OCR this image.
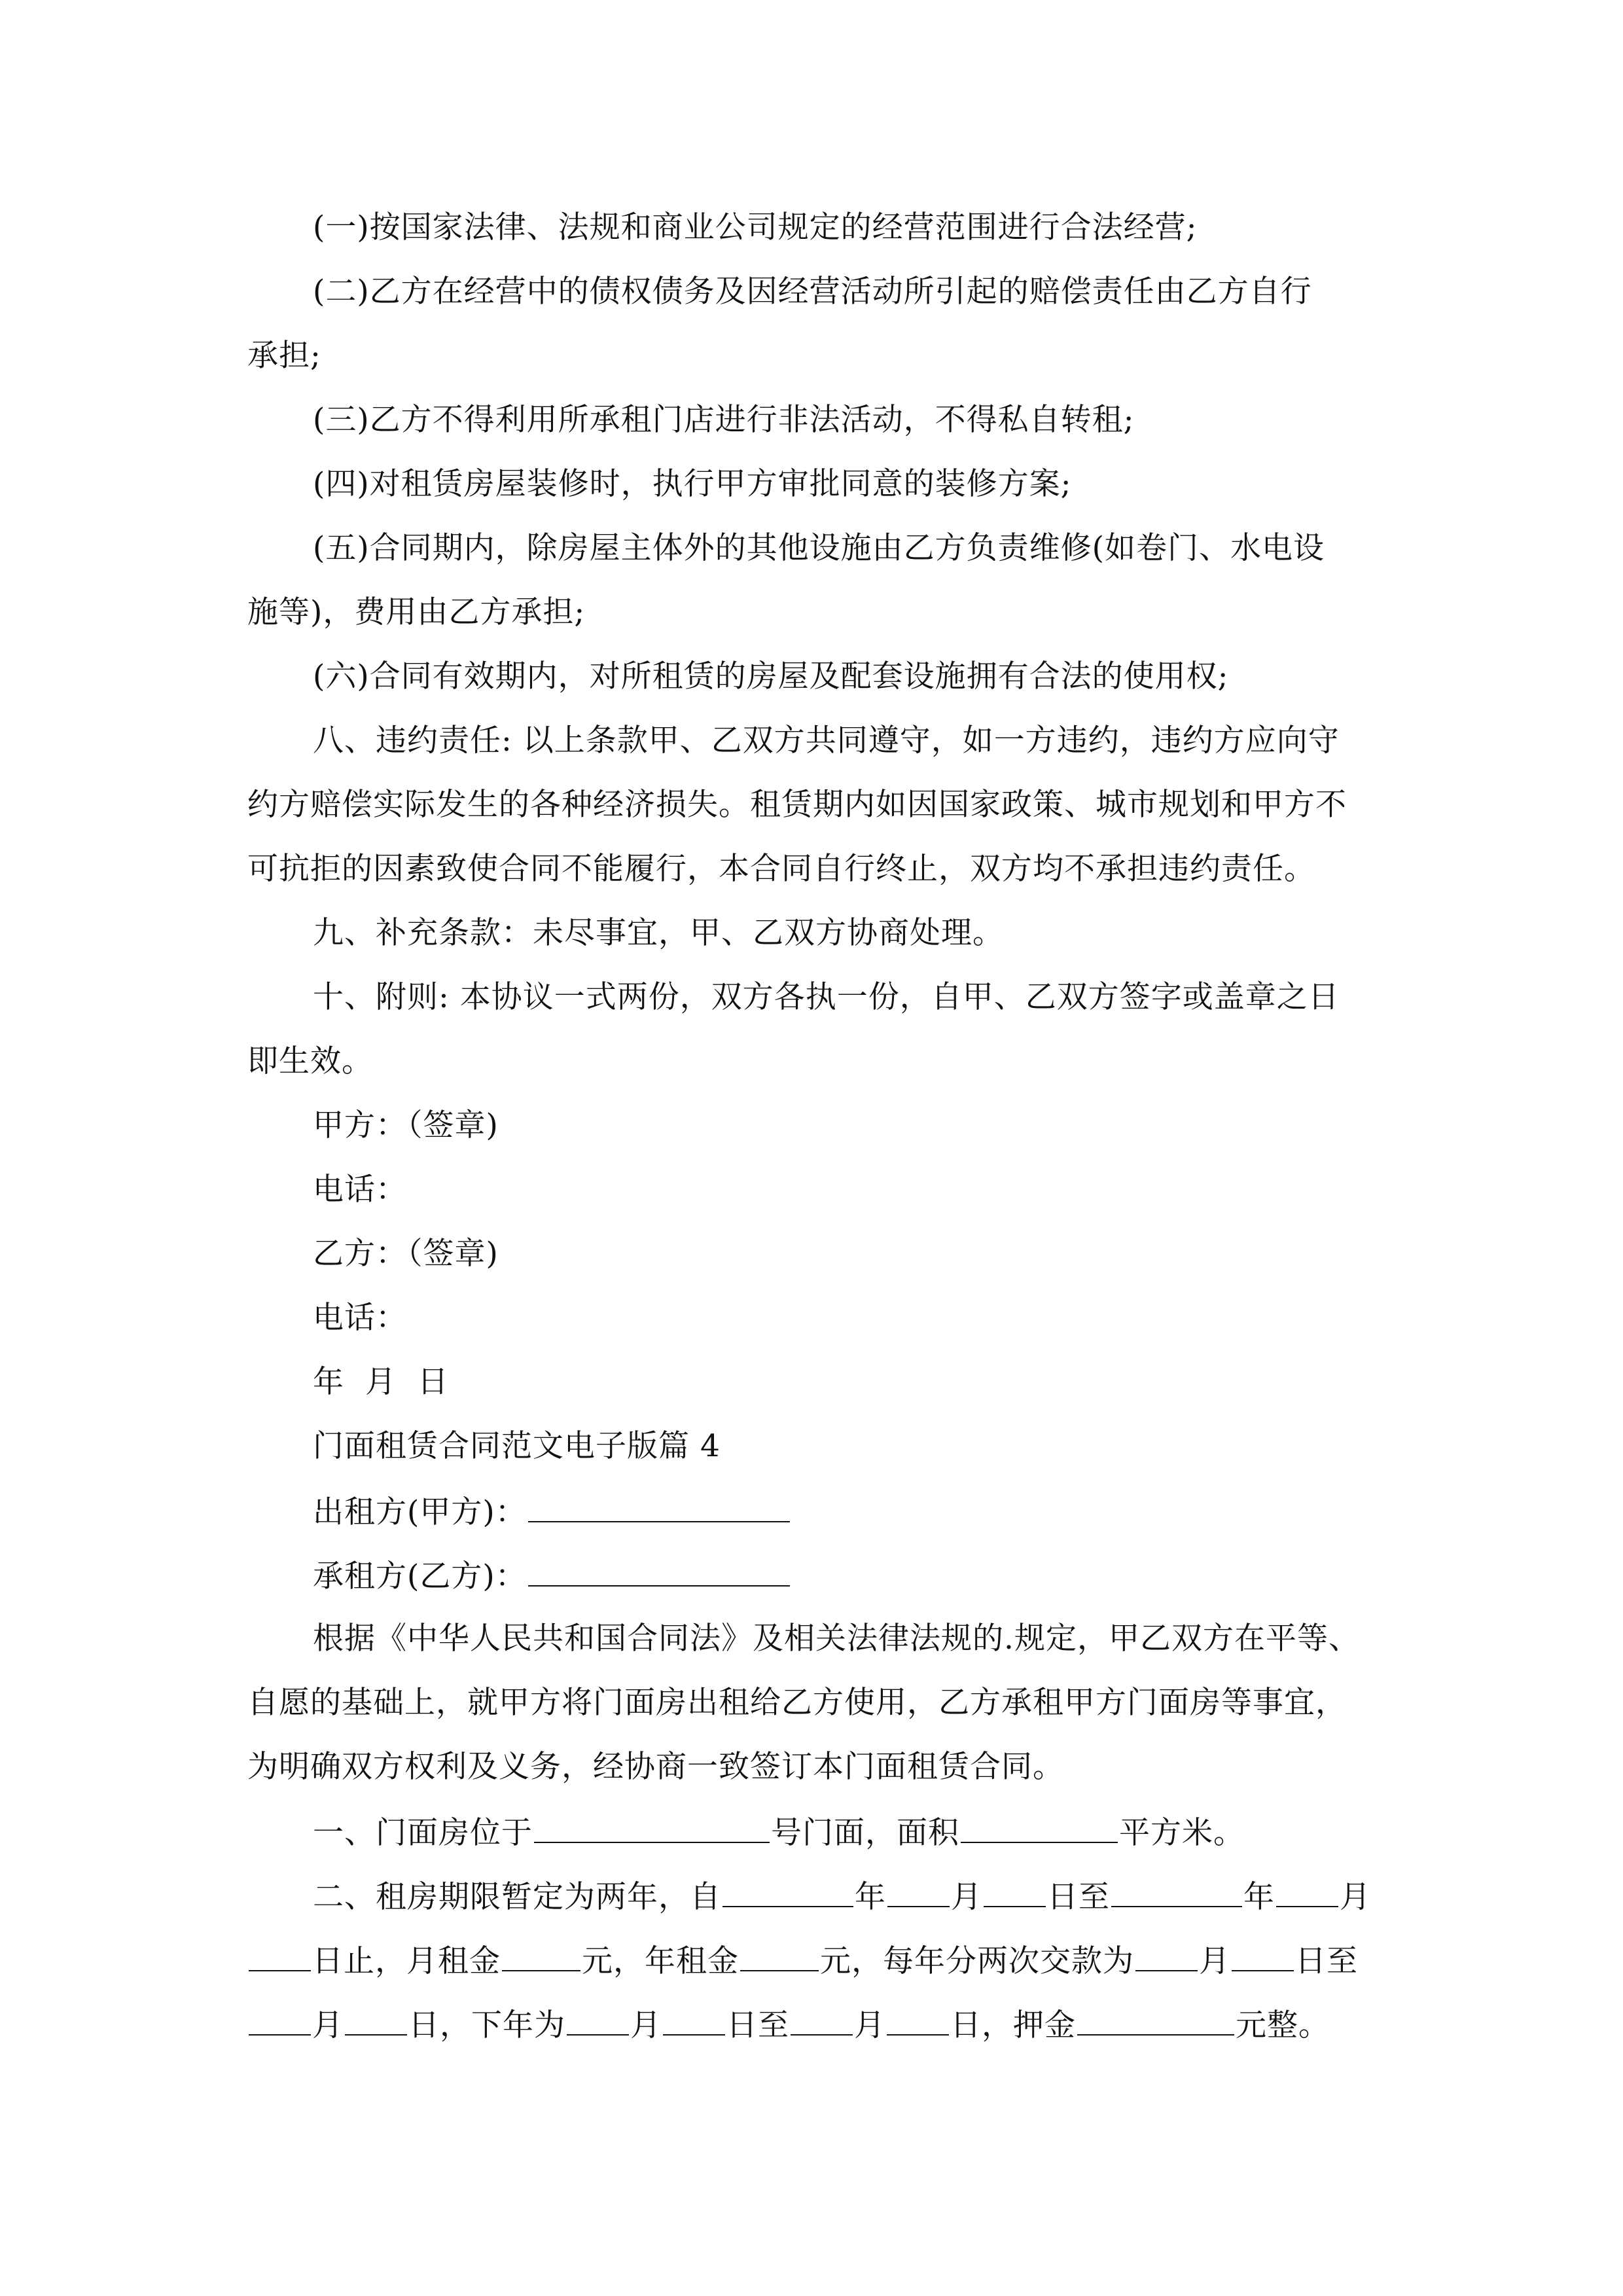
(一)按国家法律、法规和商业公司规定的经营范围进行合法经营;
(二)乙方在经营中的债权债务及因经营活动所引起的赔偿责任由乙方自行
承担;
(三)乙方不得利用所承租门店进行非法活动，不得私自转租;
(四)对租赁房屋装修时，执行甲方审批同意的装修方案;
(五)合同期内，除房屋主体外的其他设施由乙方负责维修(如卷门、水电设
施等)，费用由乙方承担;
(六)合同有效期内，对所租赁的房屋及配套设施拥有合法的使用权;
八、违约责任: 以上条款甲、乙双方共同遵守，如一方违约，违约方应向守
约方赔偿实际发生的各种经济损失。租赁期内如因国家政策、城市规划和甲方不
可抗拒的因素致使合同不能履行，本合同自行终止，双方均不承担违约责任。
九、补充条款：未尽事宜，甲、乙双方协商处理。
十、附则: 本协议一式两份，双方各执一份，自甲、乙双方签字或盖章之日
即生效。
甲方：（签章)
电话：
乙方：（签章)
电话：
年  月  日
门面租赁合同范文电子版篇 4
出租方(甲方)：
承租方(乙方)：
根据《中华人民共和国合同法》及相关法律法规的.规定，甲乙双方在平等、
自愿的基础上，就甲方将门面房出租给乙方使用，乙方承租甲方门面房等事宜，
为明确双方权利及义务，经协商一致签订本门面租赁合同。
一、门面房位于	号门面，面积	平方米。
二、租房期限暂定为两年，自	年 月 日至	年 月
日止，月租金	元，年租金	元，每年分两次交款为 月 日至
月 日，下年为 月 日至 月 日，押金	元整。
